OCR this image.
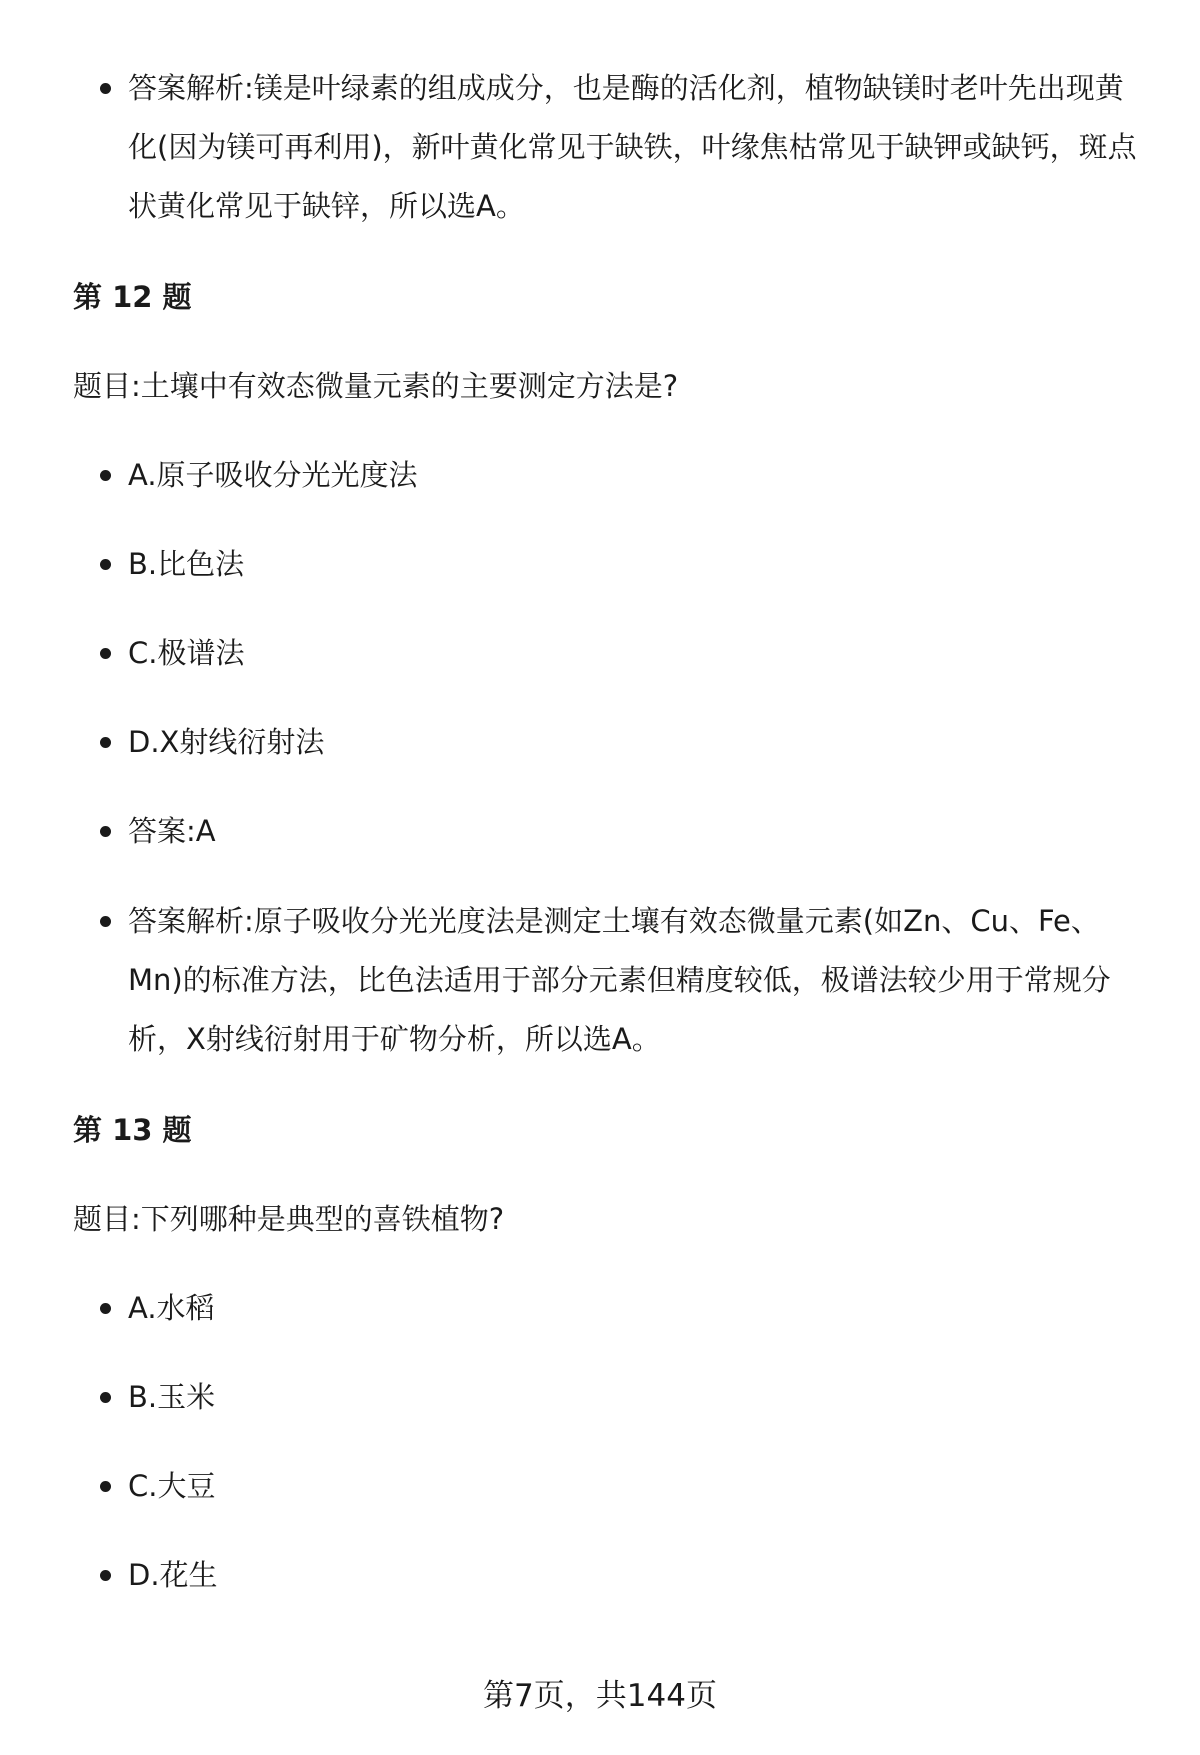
答案解析:镁是叶绿素的组成成分，也是酶的活化剂，植物缺镁时老叶先出现黄化(因为镁可再利用)，新叶黄化常见于缺铁，叶缘焦枯常见于缺钾或缺钙，斑点状黄化常见于缺锌，所以选A。
第 12 题
题目:土壤中有效态微量元素的主要测定方法是?
A.原子吸收分光光度法
B.比色法
C.极谱法
D.X射线衍射法
答案:A
答案解析:原子吸收分光光度法是测定土壤有效态微量元素(如Zn、Cu、Fe、Mn)的标准方法，比色法适用于部分元素但精度较低，极谱法较少用于常规分析，X射线衍射用于矿物分析，所以选A。
第 13 题
题目:下列哪种是典型的喜铁植物?
A.水稻
B.玉米
C.大豆
D.花生
第7页，共144页
